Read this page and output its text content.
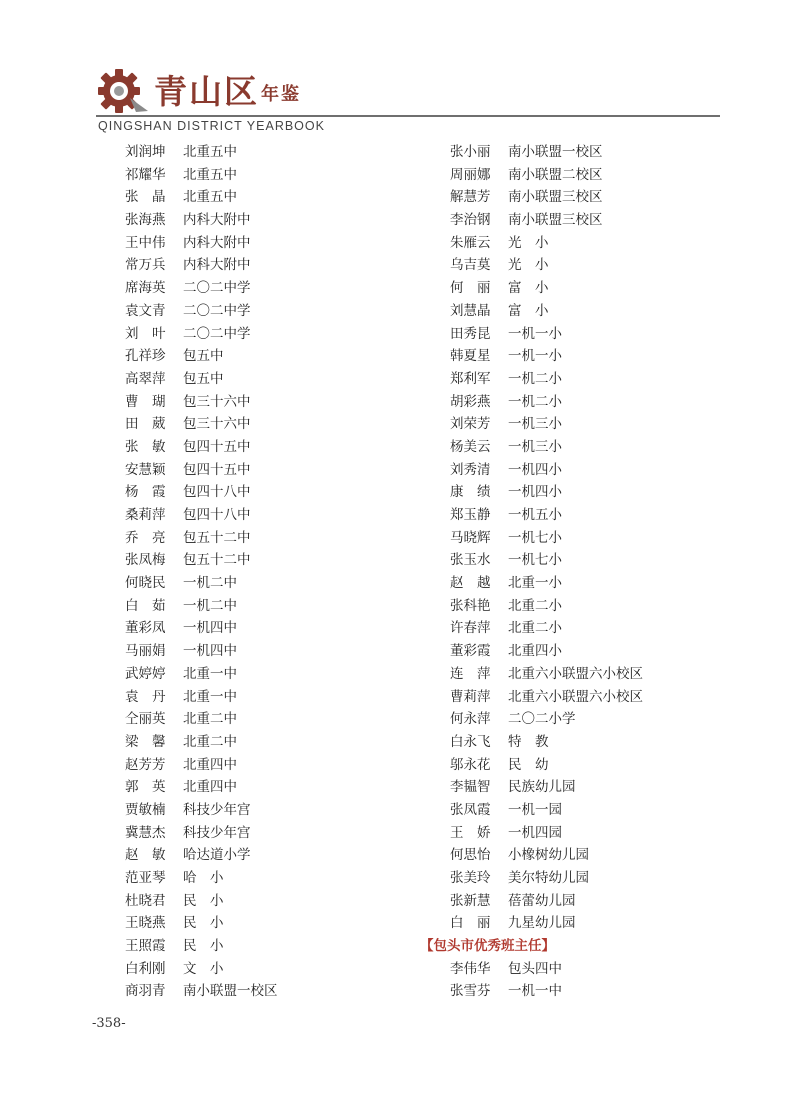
青山区 $^{年鉴}$
QINGSHAN DISTRICT YEARBOOK
刘润坤 北重五中
祁耀华 北重五中
张　晶 北重五中
张海燕 内科大附中
王中伟 内科大附中
常万兵 内科大附中
席海英 二〇二中学
袁文青 二〇二中学
刘　叶 二〇二中学
孔祥珍 包五中
高翠萍 包五中
曹　瑚 包三十六中
田　葳 包三十六中
张　敏 包四十五中
安慧颖 包四十五中
杨　霞 包四十八中
桑莉萍 包四十八中
乔　亮 包五十二中
张凤梅 包五十二中
何晓民 一机二中
白　茹 一机二中
董彩凤 一机四中
马丽娟 一机四中
武婷婷 北重一中
袁　丹 北重一中
仝丽英 北重二中
梁　馨 北重二中
赵芳芳 北重四中
郭　英 北重四中
贾敏楠 科技少年宫
冀慧杰 科技少年宫
赵　敏 哈达道小学
范亚琴 哈　小
杜晓君 民　小
王晓燕 民　小
王照霞 民　小
白利刚 文　小
商羽青 南小联盟一校区
张小丽 南小联盟一校区
周丽娜 南小联盟二校区
解慧芳 南小联盟三校区
李治钢 南小联盟三校区
朱雁云 光　小
乌吉莫 光　小
何　丽 富　小
刘慧晶 富　小
田秀昆 一机一小
韩夏星 一机一小
郑利军 一机二小
胡彩燕 一机二小
刘荣芳 一机三小
杨美云 一机三小
刘秀清 一机四小
康　绩 一机四小
郑玉静 一机五小
马晓辉 一机七小
张玉水 一机七小
赵　越 北重一小
张科艳 北重二小
许春萍 北重二小
董彩霞 北重四小
连　萍 北重六小联盟六小校区
曹莉萍 北重六小联盟六小校区
何永萍 二〇二小学
白永飞 特　教
邬永花 民　幼
李韫智 民族幼儿园
张凤霞 一机一园
王　娇 一机四园
何思怡 小橡树幼儿园
张美玲 美尔特幼儿园
张新慧 蓓蕾幼儿园
白　丽 九星幼儿园
【包头市优秀班主任】
李伟华 包头四中
张雪芬 一机一中
-358-
